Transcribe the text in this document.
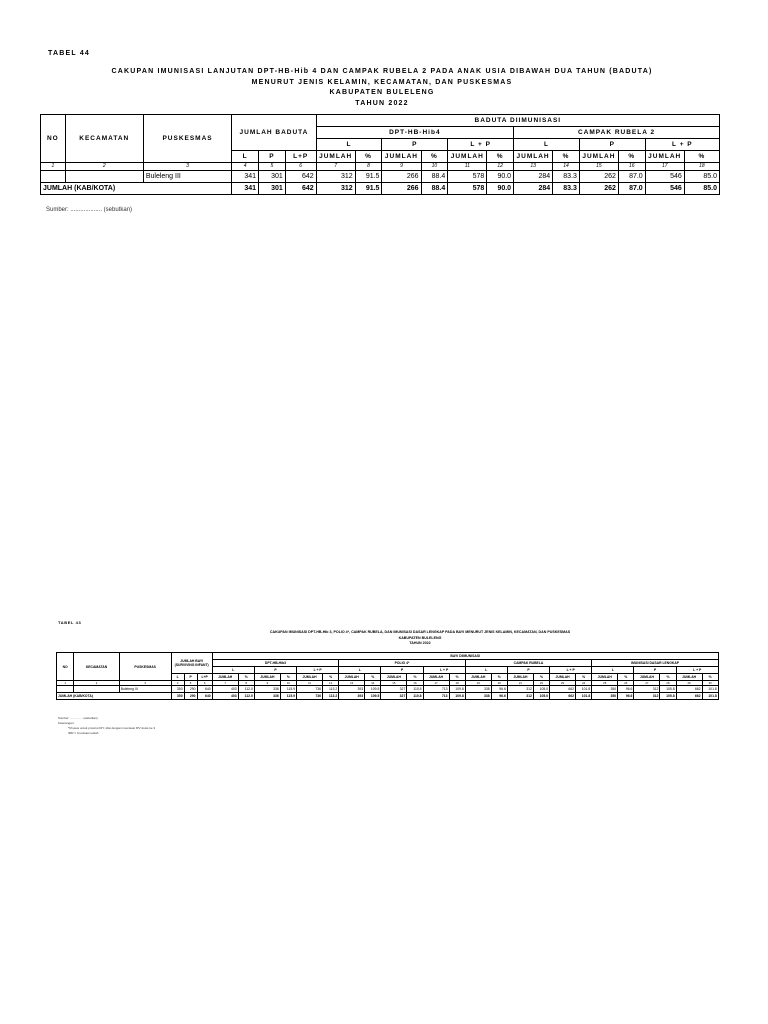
TABEL 44
CAKUPAN IMUNISASI LANJUTAN DPT-HB-Hib 4 DAN CAMPAK RUBELA 2 PADA ANAK USIA DIBAWAH DUA TAHUN (BADUTA)
MENURUT JENIS KELAMIN, KECAMATAN, DAN PUSKESMAS
KABUPATEN BULELENG
TAHUN 2022
NO	KECAMATAN	PUSKESMAS	JUMLAH BADUTA			BADUTA DIIMUNISASI											
						DPT-HB-Hib4						CAMPAK RUBELA 2					
						L		P		L + P		L		P		L + P	
			L	P	L+P	JUMLAH	%	JUMLAH	%	JUMLAH	%	JUMLAH	%	JUMLAH	%	JUMLAH	%
1	2	3	4	5	6	7	8	9	10	11	12	13	14	15	16	17	18
		Buleleng III	341	301	642	312	91.5	266	88.4	578	90.0	284	83.3	262	87.0	546	85.0
JUMLAH (KAB/KOTA)			341	301	642	312	91.5	266	88.4	578	90.0	284	83.3	262	87.0	546	85.0
Sumber: ................... (sebutkan)
TABEL 43
CAKUPAN IMUNISASI DPT-HB-Hib 3, POLIO 4*, CAMPAK RUBELA, DAN IMUNISASI DASAR LENGKAP PADA BAYI MENURUT JENIS KELAMIN, KECAMATAN, DAN PUSKESMAS
KABUPATEN BULELENG
TAHUN 2022
NO	KECAMATAN	PUSKESMAS	JUMLAH BAYI
(SURVIVING INFANT)			BAYI DIIMUNISASI																							
						DPT-HB-Hib3						POLIO 4*						CAMPAK RUBELA						IMUNISASI DASAR LENGKAP					
						L		P		L + P		L		P		L + P		L		P		L + P		L		P		L + P	
			L	P	L+P	JUMLAH	%	JUMLAH	%	JUMLAH	%	JUMLAH	%	JUMLAH	%	JUMLAH	%	JUMLAH	%	JUMLAH	%	JUMLAH	%	JUMLAH	%	JUMLAH	%	JUMLAH	%
1	2	3	4	5	6	7	8	9	10	11	12	13	14	15	16	17	18	19	20	21	22	23	24	25	26	27	28	29	30
		Buleleng III	350	290	640	403	112.0	336	115.9	736	113.2	393	109.5	327	110.8	713	109.8	338	96.6	312	105.0	662	101.8	350	96.6	312	105.8	662	101.8
JUMLAH (KAB/KOTA)			350	290	640	403	112.0	336	115.9	736	113.2	393	109.5	327	110.8	713	109.8	338	96.6	312	105.0	662	101.8	350	96.6	312	105.8	662	101.8
Sumber: ............... (sebutkan)
Keterangan:
*Khusus untuk provinsi DIY, diisi dengan imunisasi IPV dosis ke 3
IMR = imunisasi sudah
